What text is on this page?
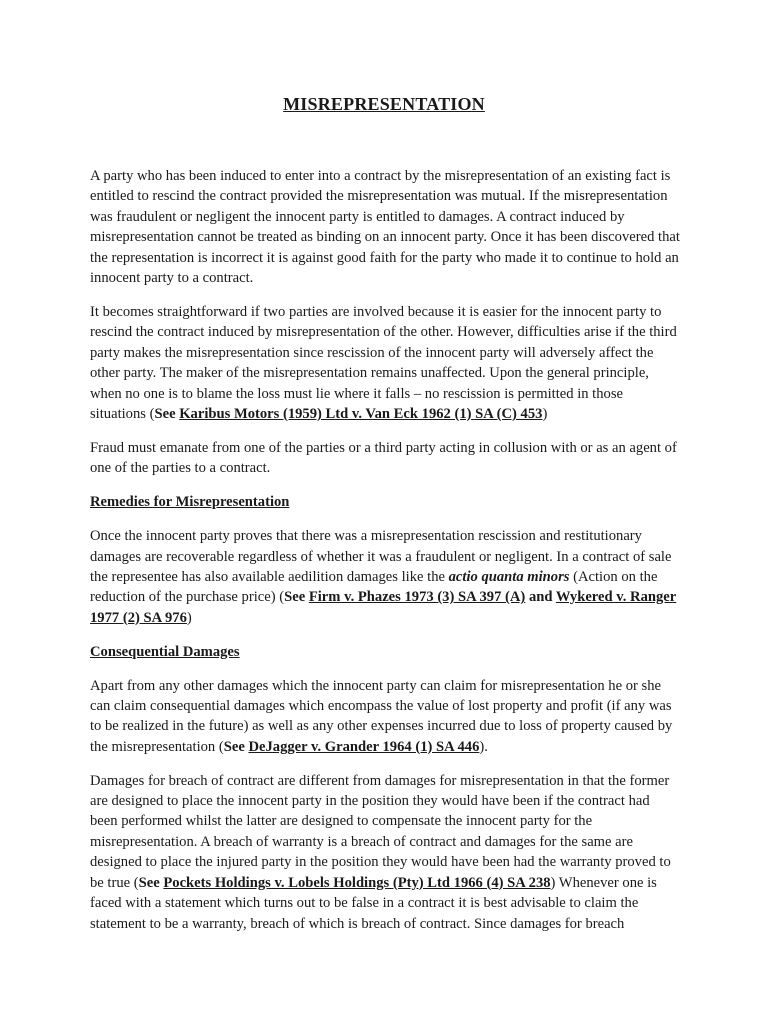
MISREPRESENTATION

A party who has been induced to enter into a contract by the misrepresentation of an existing fact is entitled to rescind the contract provided the misrepresentation was mutual. If the misrepresentation was fraudulent or negligent the innocent party is entitled to damages. A contract induced by misrepresentation cannot be treated as binding on an innocent party. Once it has been discovered that the representation is incorrect it is against good faith for the party who made it to continue to hold an innocent party to a contract.

It becomes straightforward if two parties are involved because it is easier for the innocent party to rescind the contract induced by misrepresentation of the other. However, difficulties arise if the third party makes the misrepresentation since rescission of the innocent party will adversely affect the other party. The maker of the misrepresentation remains unaffected. Upon the general principle, when no one is to blame the loss must lie where it falls – no rescission is permitted in those situations (See Karibus Motors (1959) Ltd v. Van Eck 1962 (1) SA (C) 453)

Fraud must emanate from one of the parties or a third party acting in collusion with or as an agent of one of the parties to a contract.

Remedies for Misrepresentation

Once the innocent party proves that there was a misrepresentation rescission and restitutionary damages are recoverable regardless of whether it was a fraudulent or negligent. In a contract of sale the representee has also available aedilition damages like the actio quanta minors (Action on the reduction of the purchase price) (See Firm v. Phazes 1973 (3) SA 397 (A) and Wykered v. Ranger 1977 (2) SA 976)

Consequential Damages

Apart from any other damages which the innocent party can claim for misrepresentation he or she can claim consequential damages which encompass the value of lost property and profit (if any was to be realized in the future) as well as any other expenses incurred due to loss of property caused by the misrepresentation (See DeJagger v. Grander 1964 (1) SA 446).

Damages for breach of contract are different from damages for misrepresentation in that the former are designed to place the innocent party in the position they would have been if the contract had been performed whilst the latter are designed to compensate the innocent party for the misrepresentation. A breach of warranty is a breach of contract and damages for the same are designed to place the injured party in the position they would have been had the warranty proved to be true (See Pockets Holdings v. Lobels Holdings (Pty) Ltd 1966 (4) SA 238) Whenever one is faced with a statement which turns out to be false in a contract it is best advisable to claim the statement to be a warranty, breach of which is breach of contract. Since damages for breach
